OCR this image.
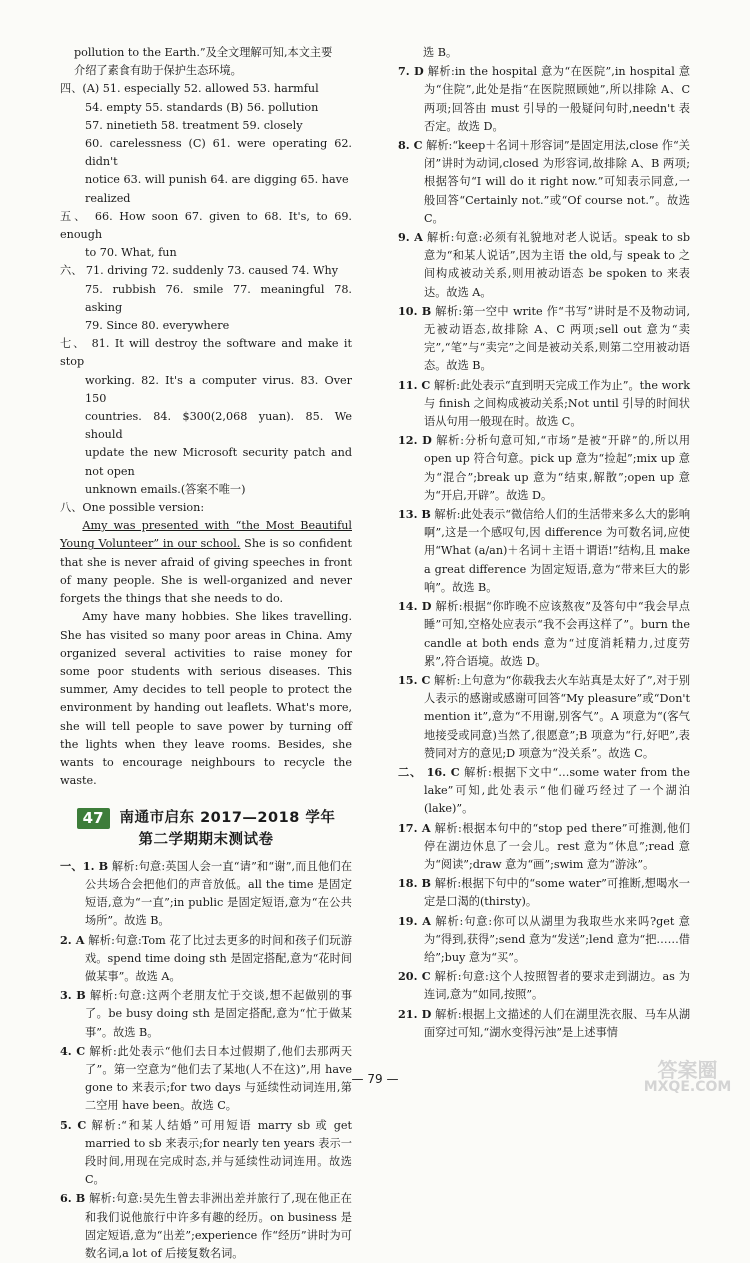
pollution to the Earth.”及全文理解可知,本文主要

介绍了素食有助于保护生态环境。

四、(A) 51. especially 52. allowed 53. harmful

54. empty 55. standards (B) 56. pollution

57. ninetieth 58. treatment 59. closely

60. carelessness (C) 61. were operating 62. didn't

notice 63. will punish 64. are digging 65. have

realized

五、 66. How soon 67. given to 68. It's, to 69. enough

to 70. What, fun

六、 71. driving 72. suddenly 73. caused 74. Why

75. rubbish 76. smile 77. meaningful 78. asking

79. Since 80. everywhere

七、 81. It will destroy the software and make it stop

working. 82. It's a computer virus. 83. Over 150

countries. 84. $300(2,068 yuan). 85. We should

update the new Microsoft security patch and not open

unknown emails.(答案不唯一)

八、One possible version:

Amy was presented with “the Most Beautiful Young Volunteer” in our school. She is so confident that she is never afraid of giving speeches in front of many people. She is well-organized and never forgets the things that she needs to do.

Amy have many hobbies. She likes travelling. She has visited so many poor areas in China. Amy organized several activities to raise money for some poor students with serious diseases. This summer, Amy decides to tell people to protect the environment by handing out leaflets. What's more, she will tell people to save power by turning off the lights when they leave rooms. Besides, she wants to encourage neighbours to recycle the waste.

47	南通市启东 2017—2018 学年
第二学期期末测试卷

一、1. B 解析:句意:英国人会一直“请”和“谢”,而且他们在公共场合会把他们的声音放低。all the time 是固定短语,意为“一直”;in public 是固定短语,意为“在公共场所”。故选 B。

2. A 解析:句意:Tom 花了比过去更多的时间和孩子们玩游戏。spend time doing sth 是固定搭配,意为“花时间做某事”。故选 A。

3. B 解析:句意:这两个老朋友忙于交谈,想不起做别的事了。be busy doing sth 是固定搭配,意为“忙于做某事”。故选 B。

4. C 解析:此处表示“他们去日本过假期了,他们去那两天了”。第一空意为“他们去了某地(人不在这)”,用 have gone to 来表示;for two days 与延续性动词连用,第二空用 have been。故选 C。

5. C 解析:“和某人结婚”可用短语 marry sb 或 get married to sb 来表示;for nearly ten years 表示一段时间,用现在完成时态,并与延续性动词连用。故选 C。

6. B 解析:句意:吴先生曾去非洲出差并旅行了,现在他正在和我们说他旅行中许多有趣的经历。on business 是固定短语,意为“出差”;experience 作“经历”讲时为可数名词,a lot of 后接复数名词。

选 B。

7. D 解析:in the hospital 意为“在医院”,in hospital 意为“住院”,此处是指“在医院照顾她”,所以排除 A、C 两项;回答由 must 引导的一般疑问句时,needn't 表否定。故选 D。

8. C 解析:“keep＋名词＋形容词”是固定用法,close 作“关闭”讲时为动词,closed 为形容词,故排除 A、B 两项;根据答句“I will do it right now.”可知表示同意,一般回答“Certainly not.”或“Of course not.”。故选 C。

9. A 解析:句意:必须有礼貌地对老人说话。speak to sb 意为“和某人说话”,因为主语 the old,与 speak to 之间构成被动关系,则用被动语态 be spoken to 来表达。故选 A。

10. B 解析:第一空中 write 作“书写”讲时是不及物动词,无被动语态,故排除 A、C 两项;sell out 意为“卖完”,“笔”与“卖完”之间是被动关系,则第二空用被动语态。故选 B。

11. C 解析:此处表示“直到明天完成工作为止”。the work 与 finish 之间构成被动关系;Not until 引导的时间状语从句用一般现在时。故选 C。

12. D 解析:分析句意可知,“市场”是被“开辟”的,所以用 open up 符合句意。pick up 意为“捡起”;mix up 意为“混合”;break up 意为“结束,解散”;open up 意为“开启,开辟”。故选 D。

13. B 解析:此处表示“微信给人们的生活带来多么大的影响啊”,这是一个感叹句,因 difference 为可数名词,应使用“What (a/an)＋名词＋主语＋谓语!”结构,且 make a great difference 为固定短语,意为“带来巨大的影响”。故选 B。

14. D 解析:根据“你昨晚不应该熬夜”及答句中“我会早点睡”可知,空格处应表示“我不会再这样了”。burn the candle at both ends 意为“过度消耗精力,过度劳累”,符合语境。故选 D。

15. C 解析:上句意为“你载我去火车站真是太好了”,对于别人表示的感谢或感谢可回答“My pleasure”或“Don't mention it”,意为“不用谢,别客气”。A 项意为“(客气地接受或同意)当然了,很愿意”;B 项意为“行,好吧”,表赞同对方的意见;D 项意为“没关系”。故选 C。

二、 16. C 解析:根据下文中“…some water from the lake”可知,此处表示“他们碰巧经过了一个湖泊(lake)”。

17. A 解析:根据本句中的“stop ped there”可推测,他们停在湖边休息了一会儿。rest 意为“休息”;read 意为“阅读”;draw 意为“画”;swim 意为“游泳”。

18. B 解析:根据下句中的“some water”可推断,想喝水一定是口渴的(thirsty)。

19. A 解析:句意:你可以从湖里为我取些水来吗?get 意为“得到,获得”;send 意为“发送”;lend 意为“把……借给”;buy 意为“买”。

20. C 解析:句意:这个人按照智者的要求走到湖边。as 为连词,意为“如同,按照”。

21. D 解析:根据上文描述的人们在湖里洗衣服、马车从湖面穿过可知,“湖水变得污浊”是上述事情

— 79 —	答案圈
MXQE.COM
